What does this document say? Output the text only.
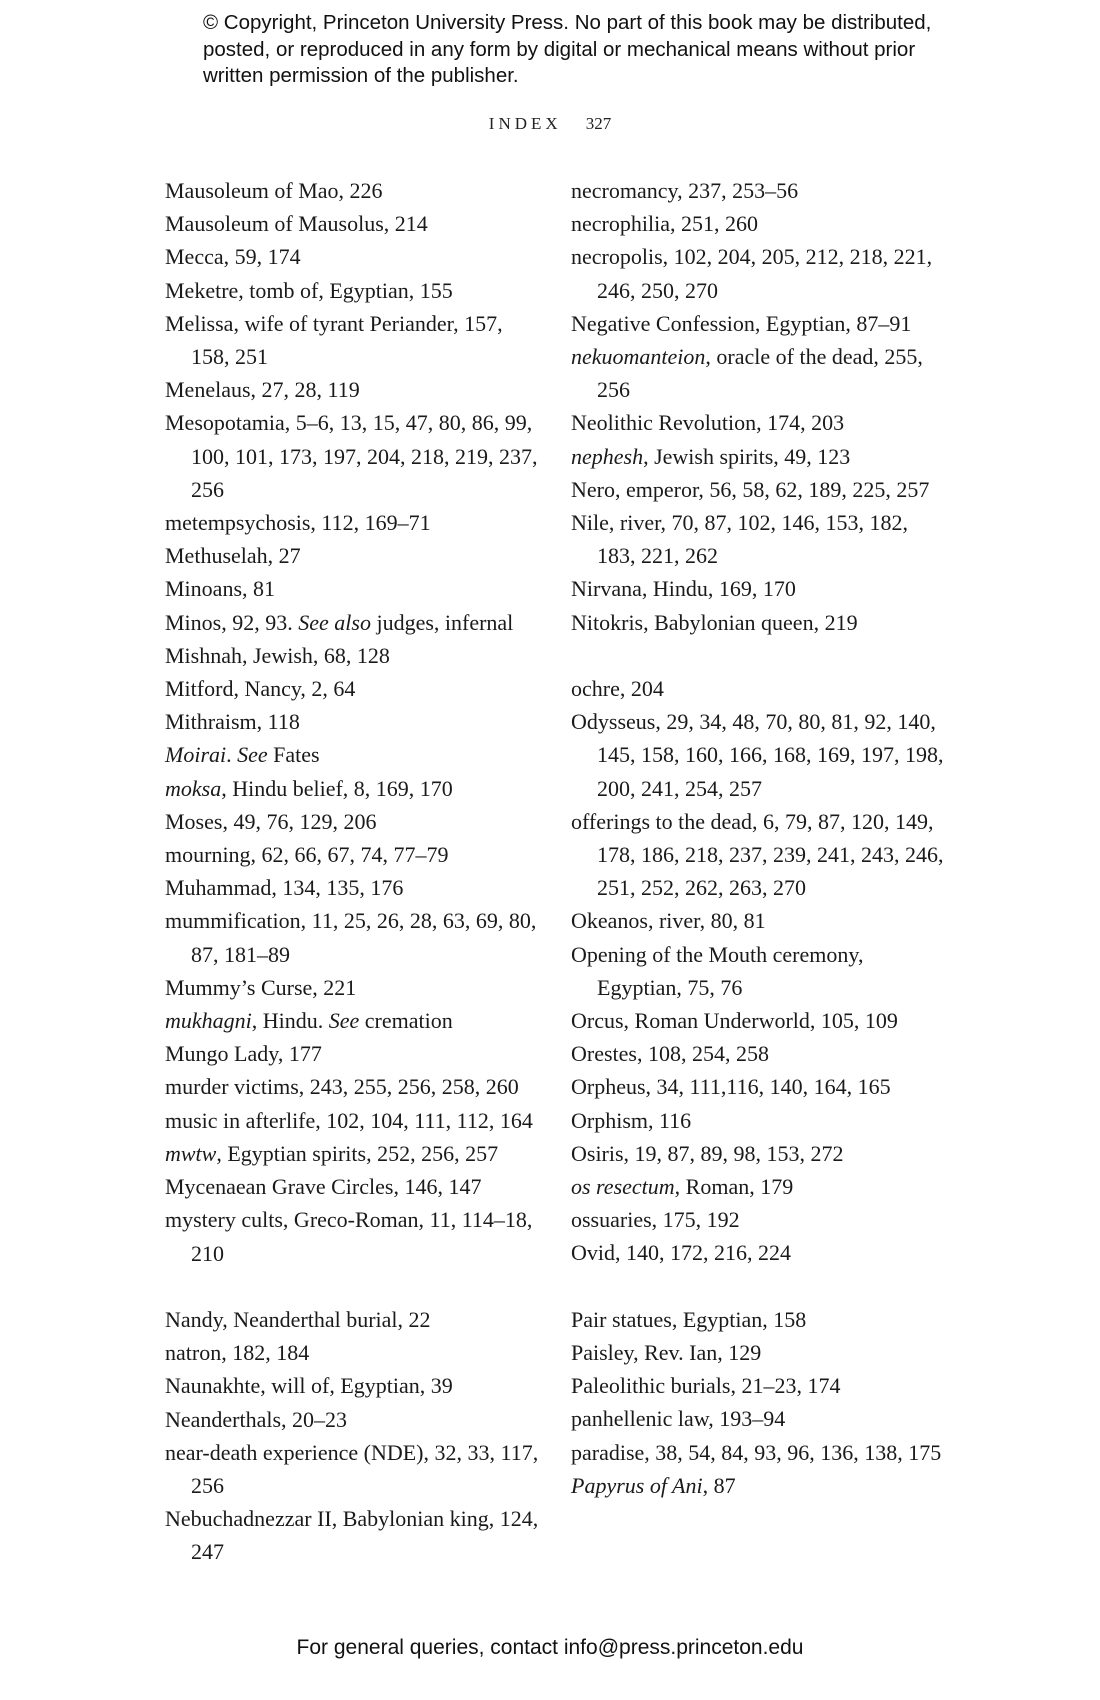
© Copyright, Princeton University Press. No part of this book may be distributed, posted, or reproduced in any form by digital or mechanical means without prior written permission of the publisher.
INDEX 327
Mausoleum of Mao, 226
Mausoleum of Mausolus, 214
Mecca, 59, 174
Meketre, tomb of, Egyptian, 155
Melissa, wife of tyrant Periander, 157, 158, 251
Menelaus, 27, 28, 119
Mesopotamia, 5–6, 13, 15, 47, 80, 86, 99, 100, 101, 173, 197, 204, 218, 219, 237, 256
metempsychosis, 112, 169–71
Methuselah, 27
Minoans, 81
Minos, 92, 93. See also judges, infernal
Mishnah, Jewish, 68, 128
Mitford, Nancy, 2, 64
Mithraism, 118
Moirai. See Fates
moksa, Hindu belief, 8, 169, 170
Moses, 49, 76, 129, 206
mourning, 62, 66, 67, 74, 77–79
Muhammad, 134, 135, 176
mummification, 11, 25, 26, 28, 63, 69, 80, 87, 181–89
Mummy’s Curse, 221
mukhagni, Hindu. See cremation
Mungo Lady, 177
murder victims, 243, 255, 256, 258, 260
music in afterlife, 102, 104, 111, 112, 164
mwtw, Egyptian spirits, 252, 256, 257
Mycenaean Grave Circles, 146, 147
mystery cults, Greco-Roman, 11, 114–18, 210
Nandy, Neanderthal burial, 22
natron, 182, 184
Naunakhte, will of, Egyptian, 39
Neanderthals, 20–23
near-death experience (NDE), 32, 33, 117, 256
Nebuchadnezzar II, Babylonian king, 124, 247
necromancy, 237, 253–56
necrophilia, 251, 260
necropolis, 102, 204, 205, 212, 218, 221, 246, 250, 270
Negative Confession, Egyptian, 87–91
nekuomanteion, oracle of the dead, 255, 256
Neolithic Revolution, 174, 203
nephesh, Jewish spirits, 49, 123
Nero, emperor, 56, 58, 62, 189, 225, 257
Nile, river, 70, 87, 102, 146, 153, 182, 183, 221, 262
Nirvana, Hindu, 169, 170
Nitokris, Babylonian queen, 219
ochre, 204
Odysseus, 29, 34, 48, 70, 80, 81, 92, 140, 145, 158, 160, 166, 168, 169, 197, 198, 200, 241, 254, 257
offerings to the dead, 6, 79, 87, 120, 149, 178, 186, 218, 237, 239, 241, 243, 246, 251, 252, 262, 263, 270
Okeanos, river, 80, 81
Opening of the Mouth ceremony, Egyptian, 75, 76
Orcus, Roman Underworld, 105, 109
Orestes, 108, 254, 258
Orpheus, 34, 111,116, 140, 164, 165
Orphism, 116
Osiris, 19, 87, 89, 98, 153, 272
os resectum, Roman, 179
ossuaries, 175, 192
Ovid, 140, 172, 216, 224
Pair statues, Egyptian, 158
Paisley, Rev. Ian, 129
Paleolithic burials, 21–23, 174
panhellenic law, 193–94
paradise, 38, 54, 84, 93, 96, 136, 138, 175
Papyrus of Ani, 87
For general queries, contact info@press.princeton.edu
